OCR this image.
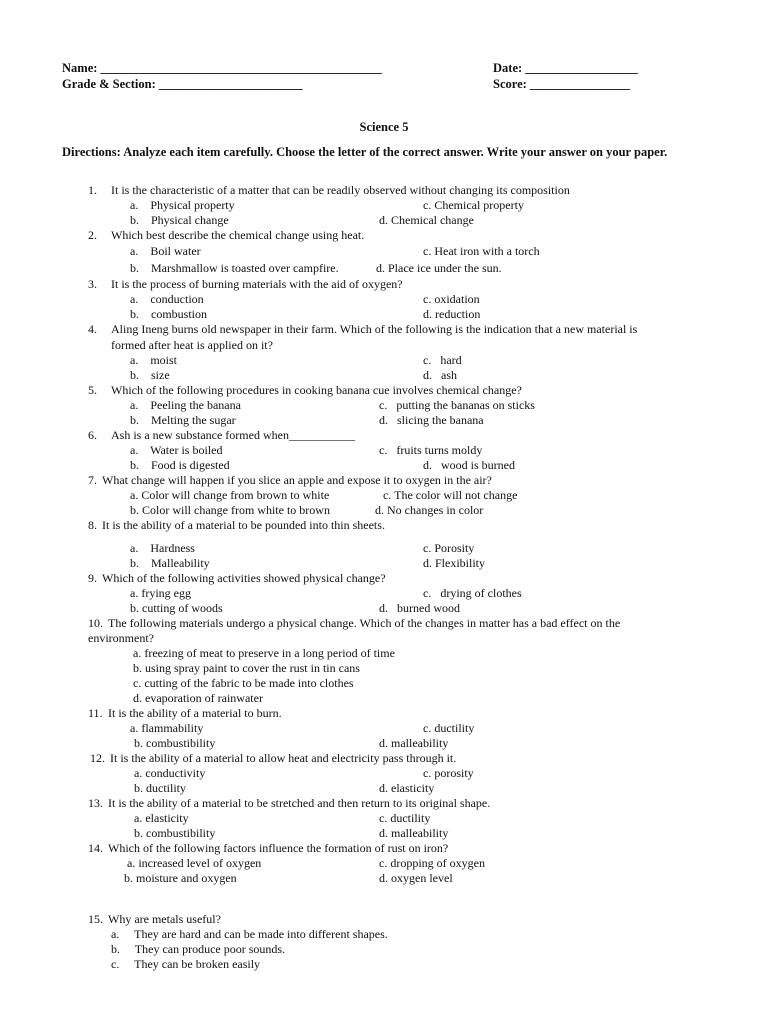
Name: _____________________________________________	Date: __________________
Grade & Section: _______________________	Score: ________________
Science 5
Directions: Analyze each item carefully. Choose the letter of the correct answer. Write your answer on your paper.
1. It is the characteristic of a matter that can be readily observed without changing its composition
a.    Physical property	c. Chemical property
b.    Physical change	d. Chemical change
2. Which best describe the chemical change using heat.
a.    Boil water	c. Heat iron with a torch
b.    Marshmallow is toasted over campfire.	d. Place ice under the sun.
3. It is the process of burning materials with the aid of oxygen?
a.    conduction	c. oxidation
b.    combustion	d. reduction
4. Aling Ineng burns old newspaper in their farm. Which of the following is the indication that a new material is
formed after heat is applied on it?
a.    moist	c.   hard
b.    size	d.   ash
5. Which of the following procedures in cooking banana cue involves chemical change?
a.    Peeling the banana	c.   putting the bananas on sticks
b.    Melting the sugar	d.   slicing the banana
6. Ash is a new substance formed when___________
a.    Water is boiled	c.   fruits turns moldy
b.    Food is digested	d.   wood is burned
7. What change will happen if you slice an apple and expose it to oxygen in the air?
a. Color will change from brown to white	c. The color will not change
b. Color will change from white to brown	d. No changes in color
8. It is the ability of a material to be pounded into thin sheets.
a.    Hardness	c. Porosity
b.    Malleability	d. Flexibility
9. Which of the following activities showed physical change?
a. frying egg	c.   drying of clothes
b. cutting of woods	d.   burned wood
10. The following materials undergo a physical change. Which of the changes in matter has a bad effect on the
environment?
a. freezing of meat to preserve in a long period of time
b. using spray paint to cover the rust in tin cans
c. cutting of the fabric to be made into clothes
d. evaporation of rainwater
11. It is the ability of a material to burn.
a. flammability	c. ductility
b. combustibility	d. malleability
12. It is the ability of a material to allow heat and electricity pass through it.
a. conductivity	c. porosity
b. ductility	d. elasticity
13. It is the ability of a material to be stretched and then return to its original shape.
a. elasticity	c. ductility
b. combustibility	d. malleability
14. Which of the following factors influence the formation of rust on iron?
a. increased level of oxygen	c. dropping of oxygen
b. moisture and oxygen	d. oxygen level
15. Why are metals useful?
a.     They are hard and can be made into different shapes.
b.     They can produce poor sounds.
c.     They can be broken easily
